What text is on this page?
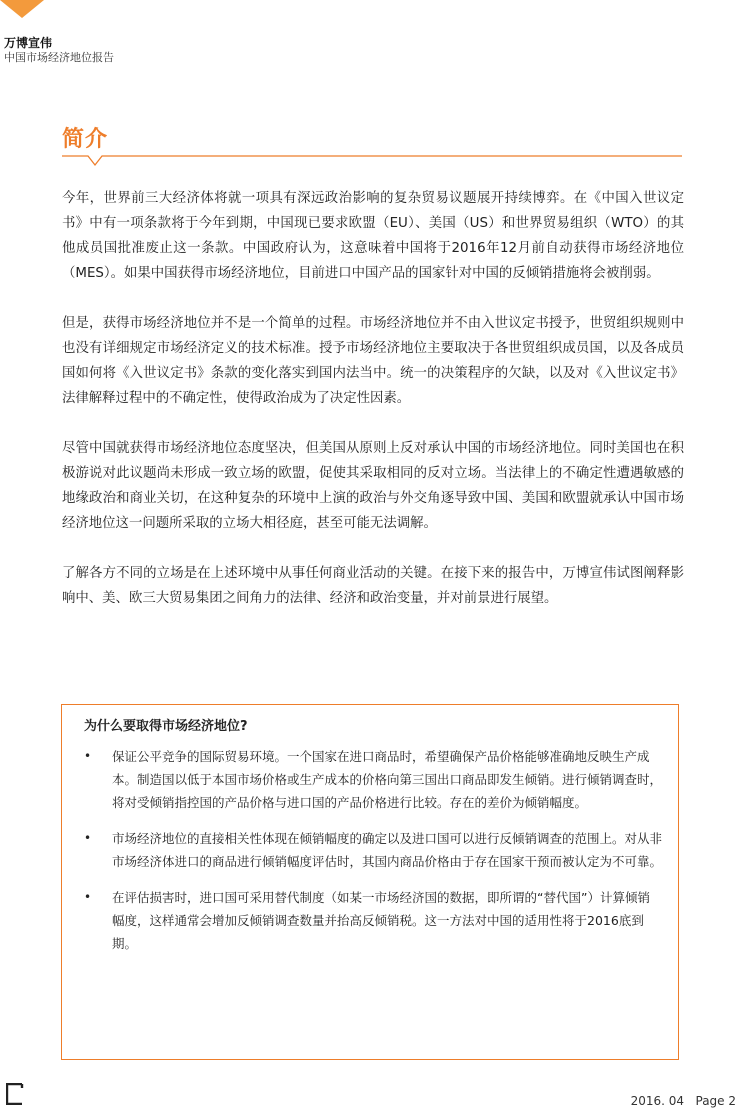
万博宣伟
中国市场经济地位报告
简介

今年，世界前三大经济体将就一项具有深远政治影响的复杂贸易议题展开持续博弈。在《中国入世议定书》中有一项条款将于今年到期，中国现已要求欧盟（EU）、美国（US）和世界贸易组织（WTO）的其他成员国批准废止这一条款。中国政府认为，这意味着中国将于2016年12月前自动获得市场经济地位（MES）。如果中国获得市场经济地位，目前进口中国产品的国家针对中国的反倾销措施将会被削弱。

但是，获得市场经济地位并不是一个简单的过程。市场经济地位并不由入世议定书授予，世贸组织规则中也没有详细规定市场经济定义的技术标准。授予市场经济地位主要取决于各世贸组织成员国，以及各成员国如何将《入世议定书》条款的变化落实到国内法当中。统一的决策程序的欠缺，以及对《入世议定书》法律解释过程中的不确定性，使得政治成为了决定性因素。

尽管中国就获得市场经济地位态度坚决，但美国从原则上反对承认中国的市场经济地位。同时美国也在积极游说对此议题尚未形成一致立场的欧盟，促使其采取相同的反对立场。当法律上的不确定性遭遇敏感的地缘政治和商业关切，在这种复杂的环境中上演的政治与外交角逐导致中国、美国和欧盟就承认中国市场经济地位这一问题所采取的立场大相径庭，甚至可能无法调解。

了解各方不同的立场是在上述环境中从事任何商业活动的关键。在接下来的报告中，万博宣伟试图阐释影响中、美、欧三大贸易集团之间角力的法律、经济和政治变量，并对前景进行展望。

为什么要取得市场经济地位?
• 保证公平竞争的国际贸易环境。一个国家在进口商品时，希望确保产品价格能够准确地反映生产成本。制造国以低于本国市场价格或生产成本的价格向第三国出口商品即发生倾销。进行倾销调查时，将对受倾销指控国的产品价格与进口国的产品价格进行比较。存在的差价为倾销幅度。
• 市场经济地位的直接相关性体现在倾销幅度的确定以及进口国可以进行反倾销调查的范围上。对从非市场经济体进口的商品进行倾销幅度评估时，其国内商品价格由于存在国家干预而被认定为不可靠。
• 在评估损害时，进口国可采用替代制度（如某一市场经济国的数据，即所谓的“替代国”）计算倾销幅度，这样通常会增加反倾销调查数量并抬高反倾销税。这一方法对中国的适用性将于2016底到期。
2016. 04 Page 2
